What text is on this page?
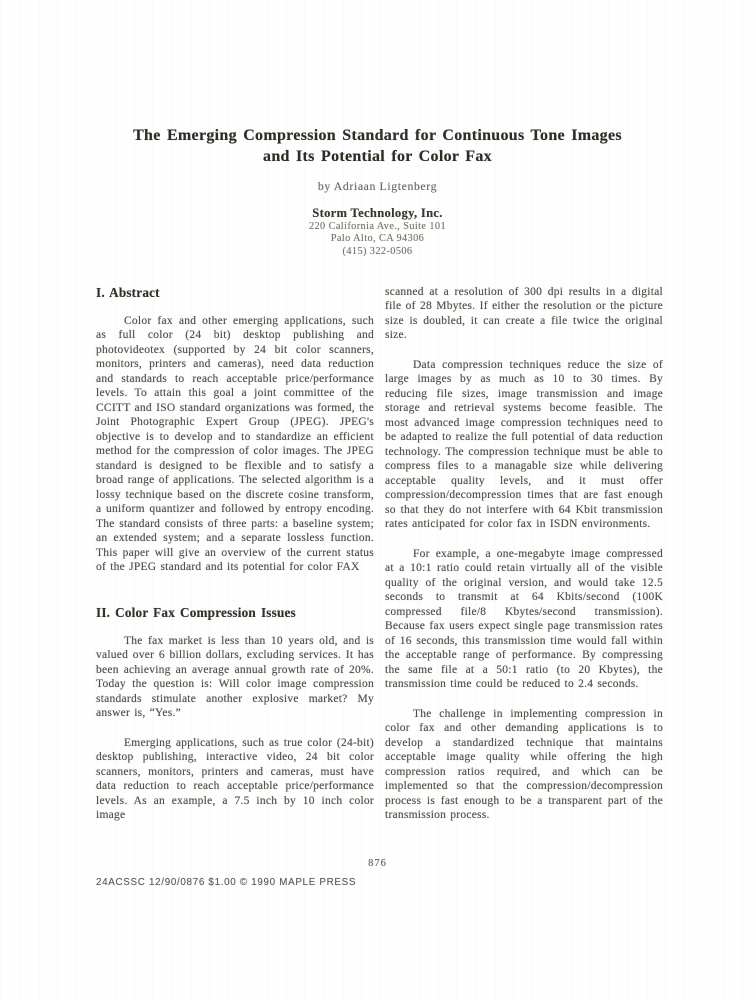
The Emerging Compression Standard for Continuous Tone Images
and Its Potential for Color Fax
by Adriaan Ligtenberg
Storm Technology, Inc.
220 California Ave., Suite 101
Palo Alto, CA 94306
(415) 322-0506
I. Abstract

Color fax and other emerging applications, such as full color (24 bit) desktop publishing and photovideotex (supported by 24 bit color scanners, monitors, printers and cameras), need data reduction and standards to reach acceptable price/performance levels. To attain this goal a joint committee of the CCITT and ISO standard organizations was formed, the Joint Photographic Expert Group (JPEG). JPEG's objective is to develop and to standardize an efficient method for the compression of color images. The JPEG standard is designed to be flexible and to satisfy a broad range of applications. The selected algorithm is a lossy technique based on the discrete cosine transform, a uniform quantizer and followed by entropy encoding. The standard consists of three parts: a baseline system; an extended system; and a separate lossless function. This paper will give an overview of the current status of the JPEG standard and its potential for color FAX

II. Color Fax Compression Issues

The fax market is less than 10 years old, and is valued over 6 billion dollars, excluding services. It has been achieving an average annual growth rate of 20%. Today the question is: Will color image compression standards stimulate another explosive market? My answer is, “Yes.”

Emerging applications, such as true color (24-bit) desktop publishing, interactive video, 24 bit color scanners, monitors, printers and cameras, must have data reduction to reach acceptable price/performance levels. As an example, a 7.5 inch by 10 inch color image

scanned at a resolution of 300 dpi results in a digital file of 28 Mbytes. If either the resolution or the picture size is doubled, it can create a file twice the original size.

Data compression techniques reduce the size of large images by as much as 10 to 30 times. By reducing file sizes, image transmission and image storage and retrieval systems become feasible. The most advanced image compression techniques need to be adapted to realize the full potential of data reduction technology. The compression technique must be able to compress files to a managable size while delivering acceptable quality levels, and it must offer compression/decompression times that are fast enough so that they do not interfere with 64 Kbit transmission rates anticipated for color fax in ISDN environments.

For example, a one-megabyte image compressed at a 10:1 ratio could retain virtually all of the visible quality of the original version, and would take 12.5 seconds to transmit at 64 Kbits/second (100K compressed file/8 Kbytes/second transmission). Because fax users expect single page transmission rates of 16 seconds, this transmission time would fall within the acceptable range of performance. By compressing the same file at a 50:1 ratio (to 20 Kbytes), the transmission time could be reduced to 2.4 seconds.

The challenge in implementing compression in color fax and other demanding applications is to develop a standardized technique that maintains acceptable image quality while offering the high compression ratios required, and which can be implemented so that the compression/decompression process is fast enough to be a transparent part of the transmission process.

876
24ACSSC 12/90/0876 $1.00 © 1990 MAPLE PRESS
